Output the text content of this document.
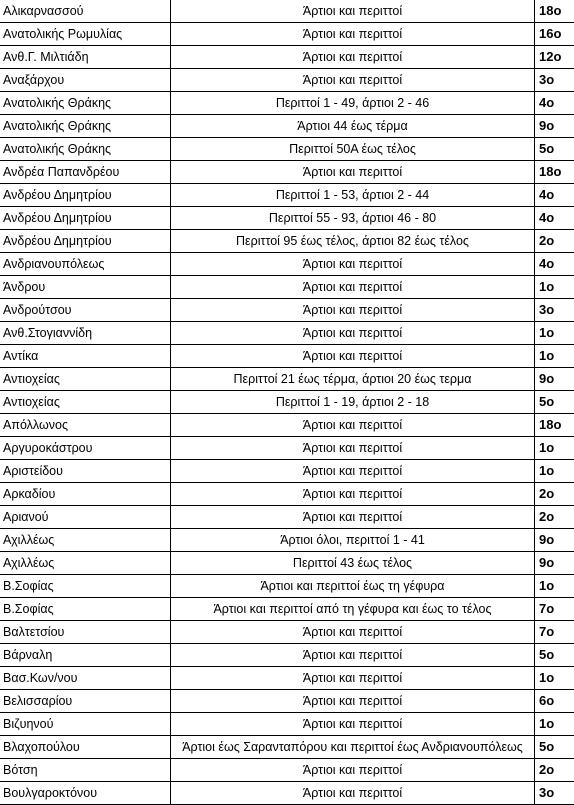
Αλικαρνασσού	Άρτιοι και περιττοί	18ο
Ανατολικής Ρωμυλίας	Άρτιοι και περιττοί	16ο
Ανθ.Γ. Μιλτιάδη	Άρτιοι και περιττοί	12ο
Αναξάρχου	Άρτιοι και περιττοί	3ο
Ανατολικής Θράκης	Περιττοί 1 - 49, άρτιοι 2 - 46	4ο
Ανατολικής Θράκης	Άρτιοι 44 έως τέρμα	9ο
Ανατολικής Θράκης	Περιττοί 50Α έως τέλος	5ο
Ανδρέα Παπανδρέου	Άρτιοι και περιττοί	18ο
Ανδρέου Δημητρίου	Περιττοί 1 - 53, άρτιοι 2 - 44	4ο
Ανδρέου Δημητρίου	Περιττοί 55 - 93, άρτιοι 46 - 80	4ο
Ανδρέου Δημητρίου	Περιττοί 95 έως τέλος, άρτιοι 82 έως τέλος	2ο
Ανδριανουπόλεως	Άρτιοι και περιττοί	4ο
Άνδρου	Άρτιοι και περιττοί	1ο
Ανδρούτσου	Άρτιοι και περιττοί	3ο
Ανθ.Στογιαννίδη	Άρτιοι και περιττοί	1ο
Αντίκα	Άρτιοι και περιττοί	1ο
Αντιοχείας	Περιττοί 21 έως τέρμα, άρτιοι 20 έως τερμα	9ο
Αντιοχείας	Περιττοί 1 - 19, άρτιοι 2 - 18	5ο
Απόλλωνος	Άρτιοι και περιττοί	18ο
Αργυροκάστρου	Άρτιοι και περιττοί	1ο
Αριστείδου	Άρτιοι και περιττοί	1ο
Αρκαδίου	Άρτιοι και περιττοί	2ο
Αριανού	Άρτιοι και περιττοί	2ο
Αχιλλέως	Άρτιοι όλοι, περιττοί 1 - 41	9ο
Αχιλλέως	Περιττοί 43 έως τέλος	9ο
Β.Σοφίας	Άρτιοι και περιττοί έως τη γέφυρα	1ο
Β.Σοφίας	Άρτιοι και περιττοί από τη γέφυρα και έως το τέλος	7ο
Βαλτετσίου	Άρτιοι και περιττοί	7ο
Βάρναλη	Άρτιοι και περιττοί	5ο
Βασ.Κων/νου	Άρτιοι και περιττοί	1ο
Βελισσαρίου	Άρτιοι και περιττοί	6ο
Βιζυηνού	Άρτιοι και περιττοί	1ο
Βλαχοπούλου	Άρτιοι έως Σαρανταπόρου και περιττοί έως Ανδριανουπόλεως	5ο
Βότση	Άρτιοι και περιττοί	2ο
Βουλγαροκτόνου	Άρτιοι και περιττοί	3ο
